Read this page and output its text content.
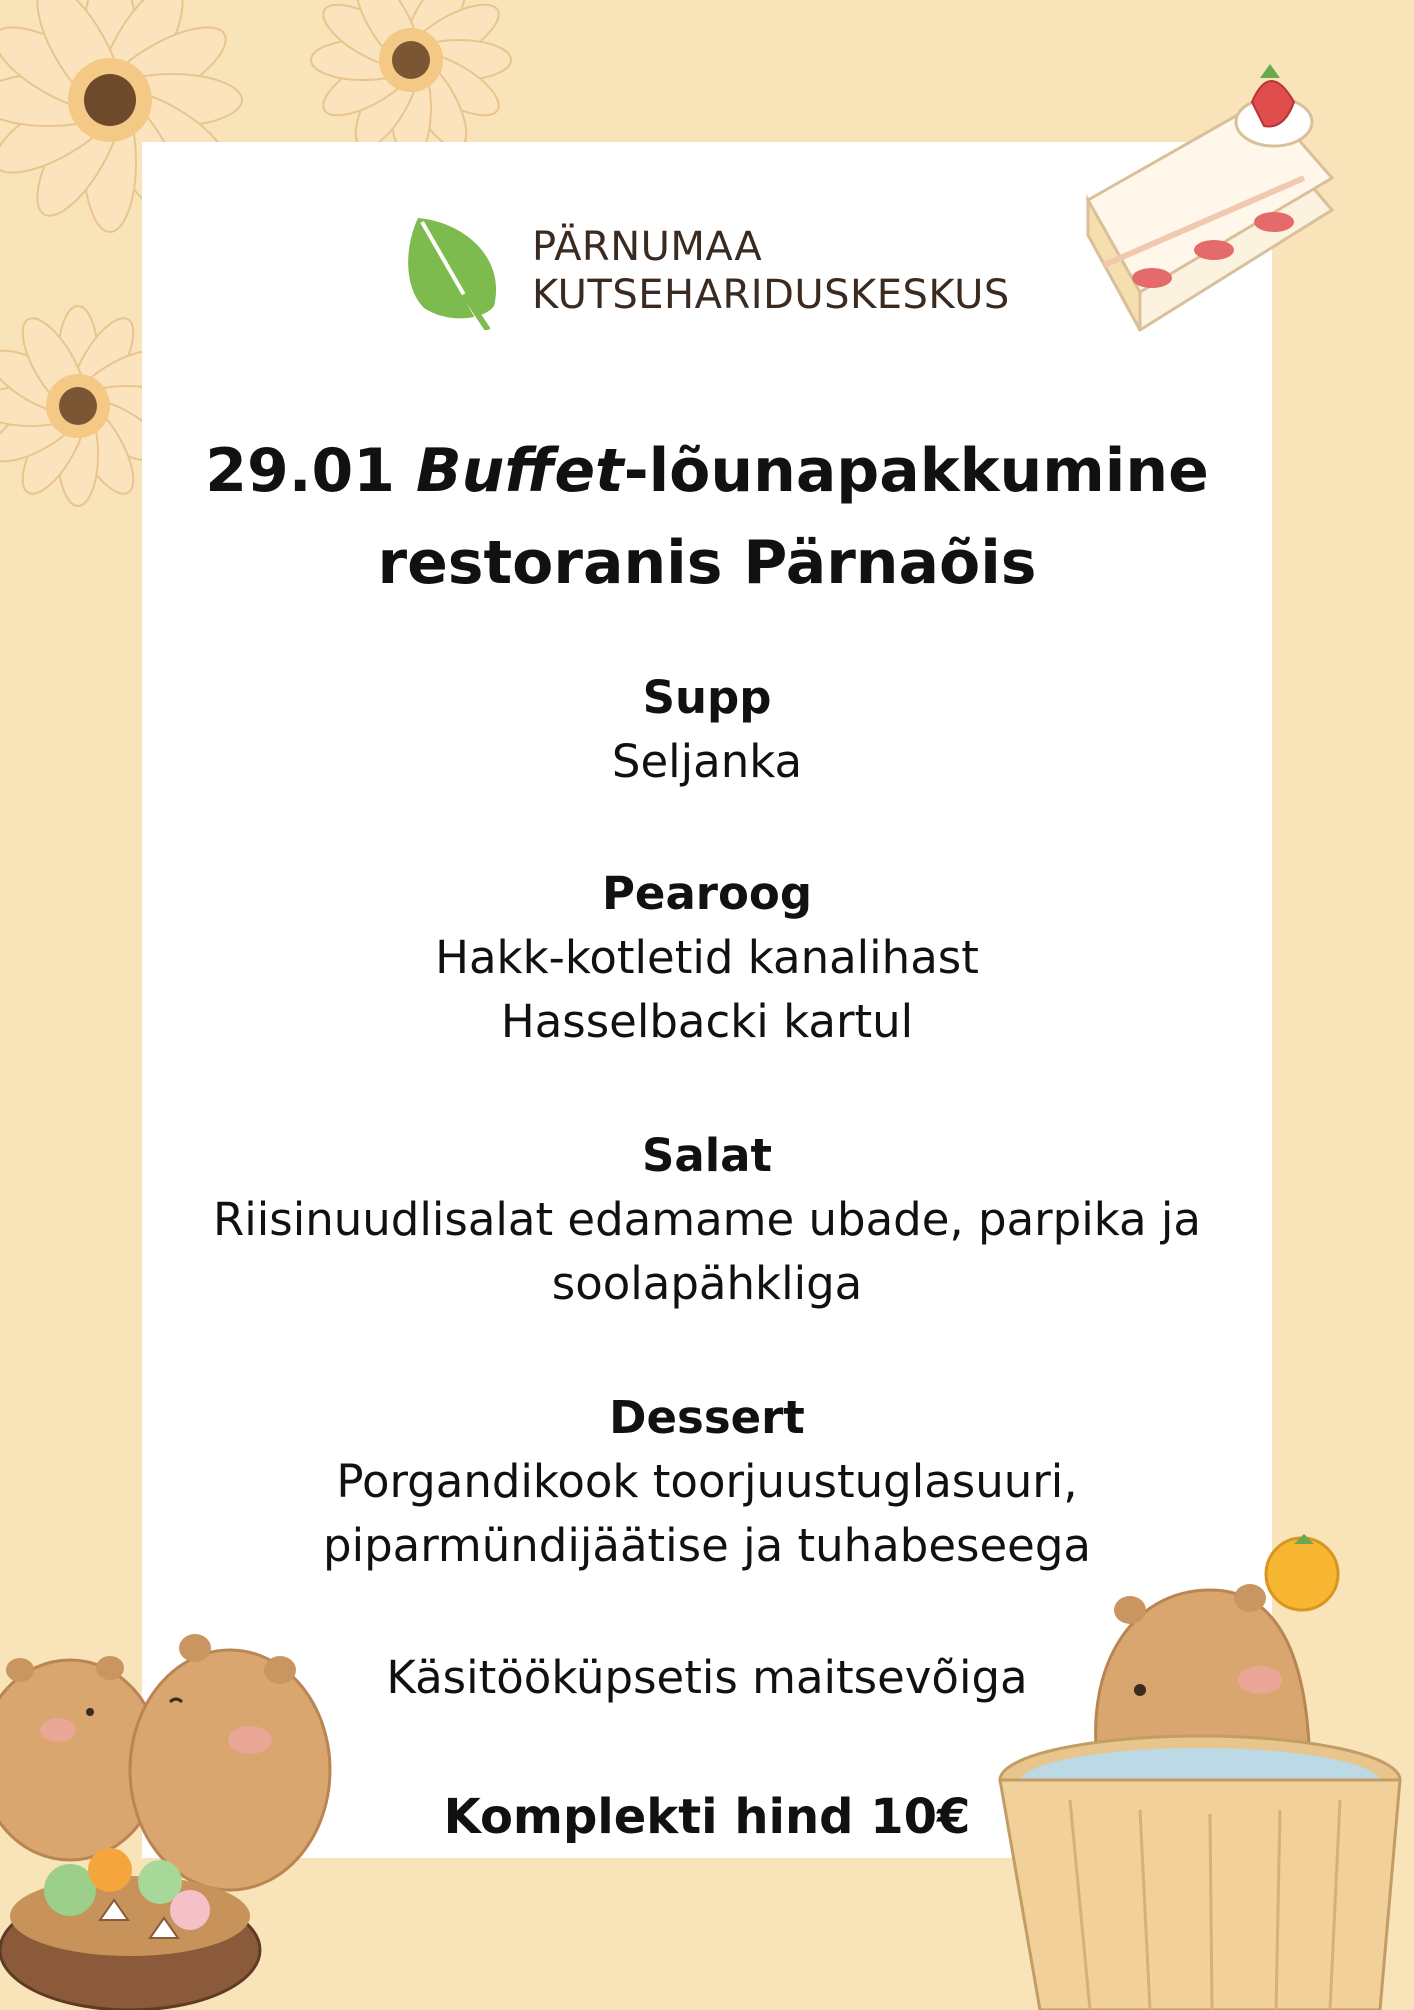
PÄRNUMAA
KUTSEHARIDUSKESKUS
29.01 Buffet-lõunapakkumine
restoranis Pärnaõis
Supp
Seljanka
Pearoog
Hakk-kotletid kanalihast
Hasselbacki kartul
Salat
Riisinuudlisalat edamame ubade, parpika ja
soolapähkliga
Dessert
Porgandikook toorjuustuglasuuri,
piparmündijäätise ja tuhabeseega
Käsitööküpsetis maitsevõiga
Komplekti hind 10€
